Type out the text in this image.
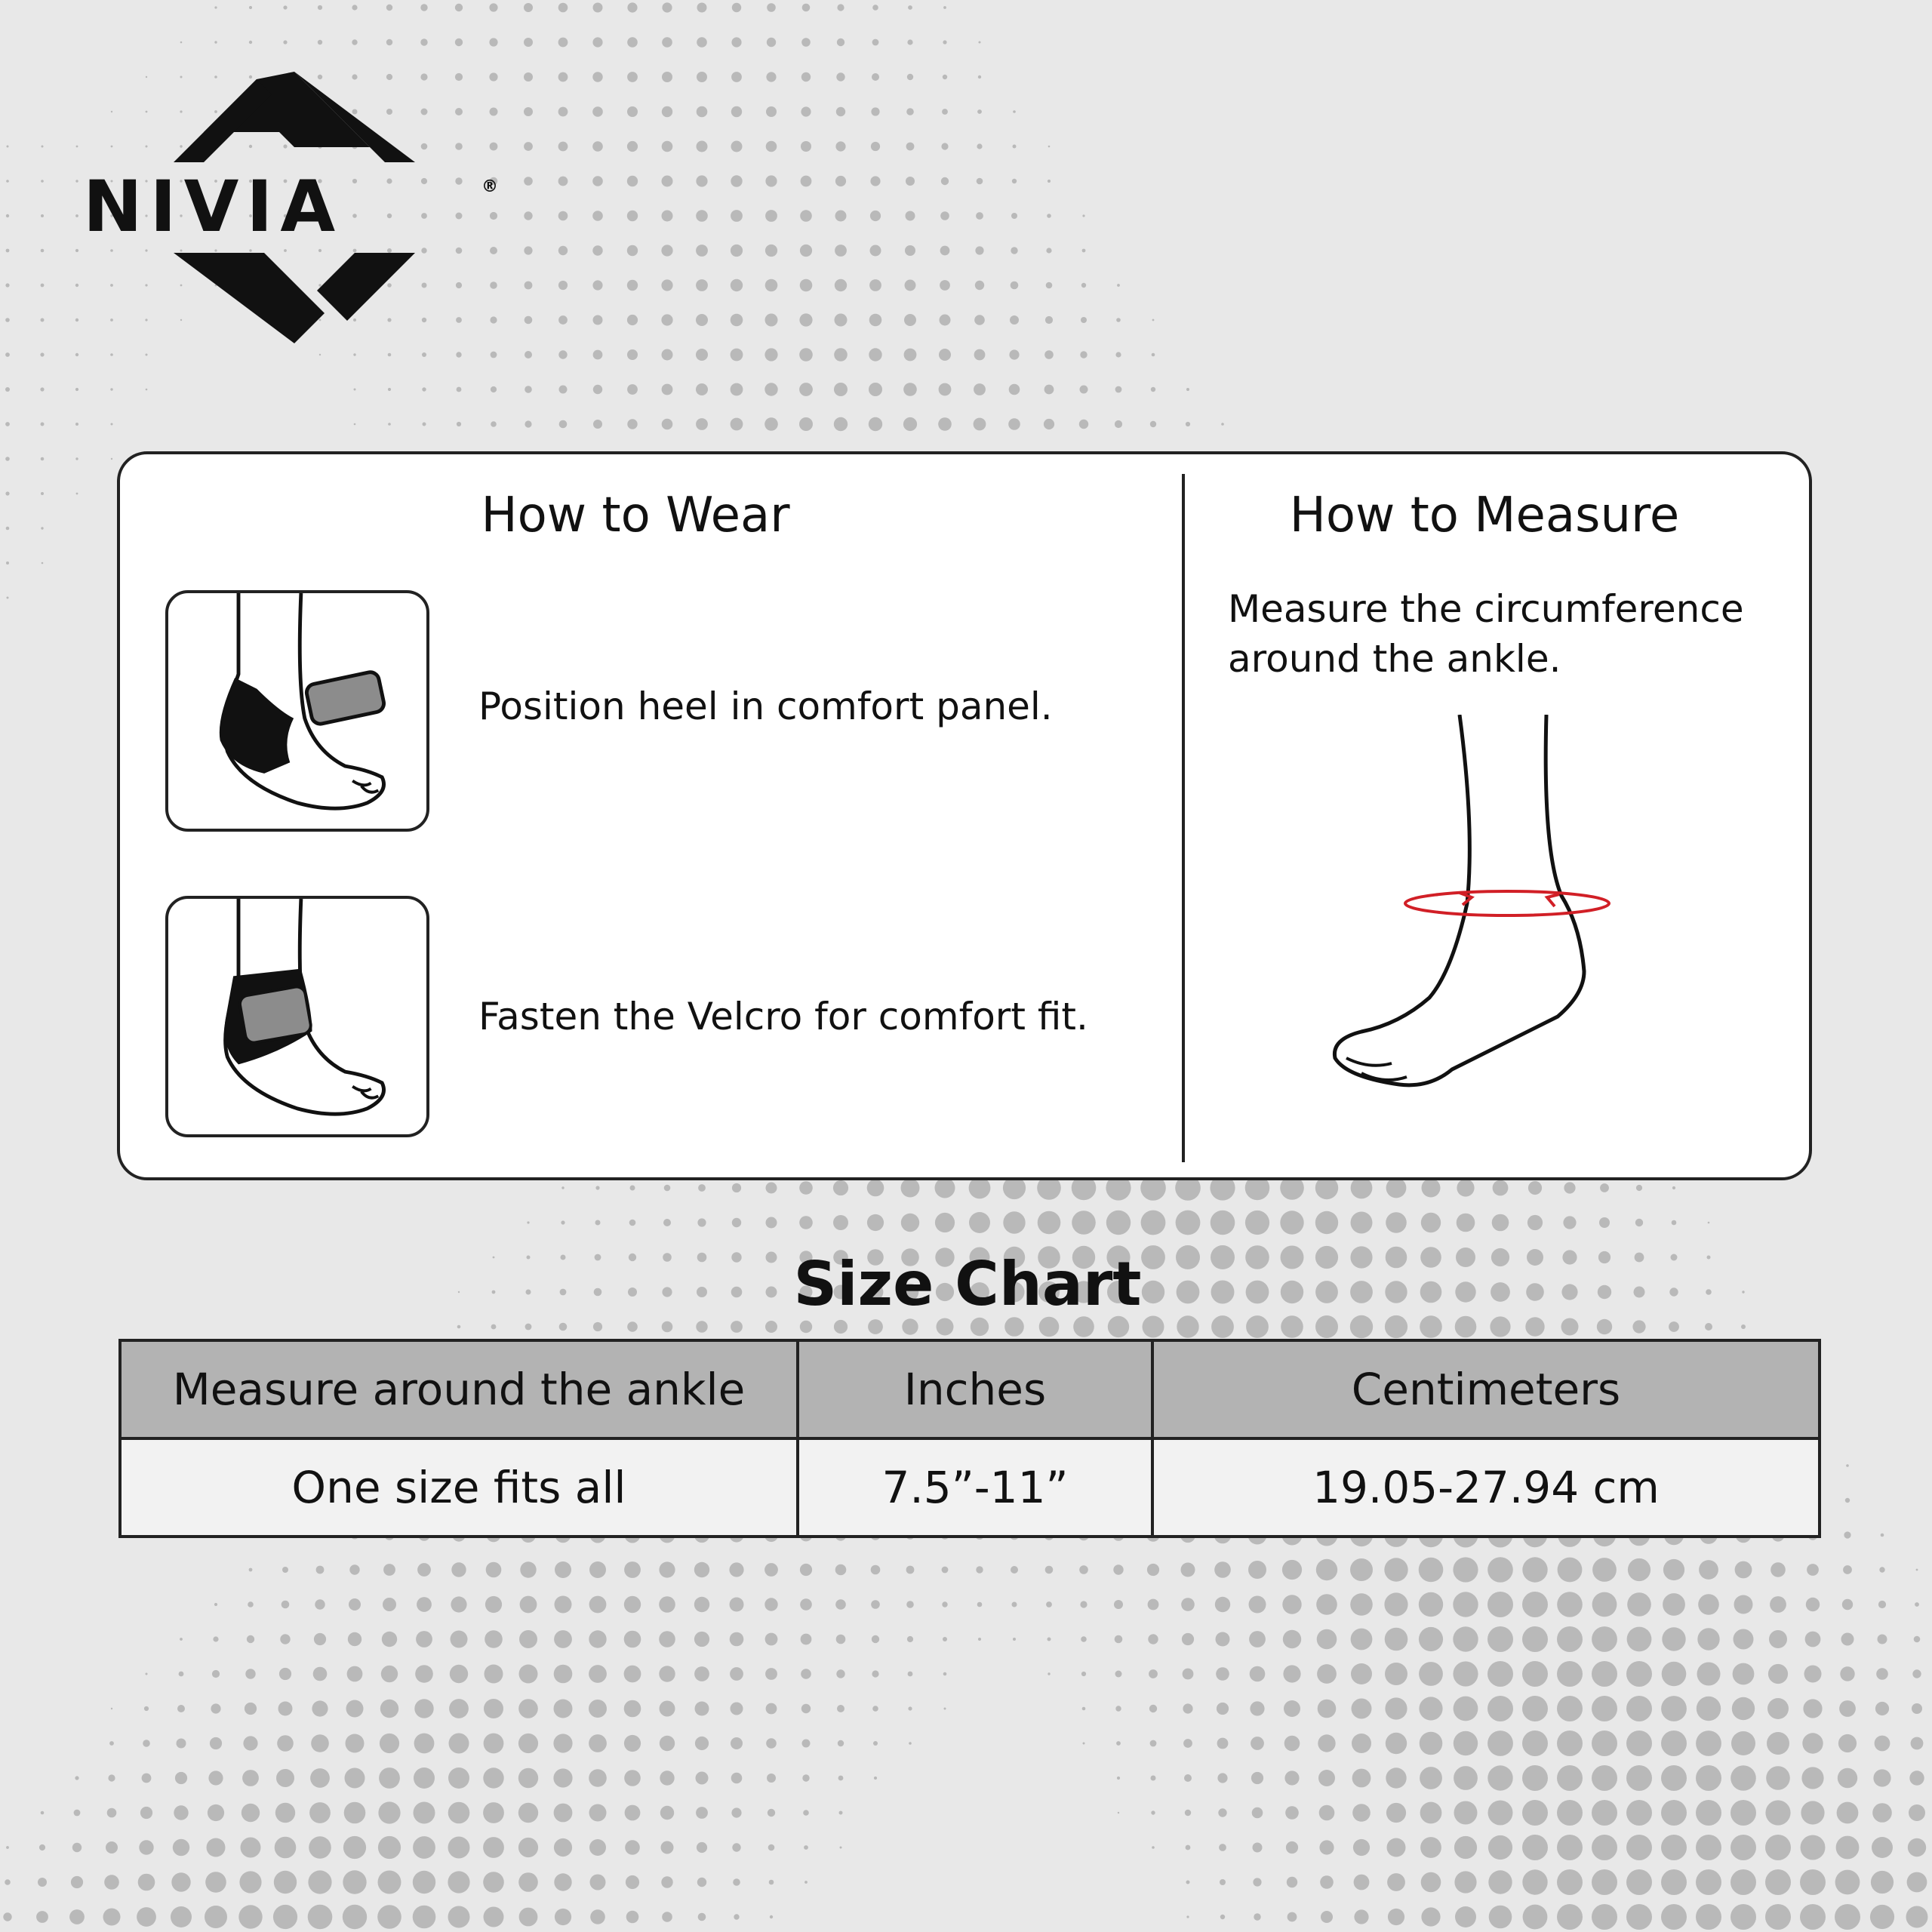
NIVIA	®
How to Wear	How to Measure
Position heel in comfort panel.
Fasten the Velcro for comfort fit.
Measure the circumference around the ankle.
Size Chart
Measure around the ankle	Inches	Centimeters
One size fits all	7.5”-11”	19.05-27.94 cm
